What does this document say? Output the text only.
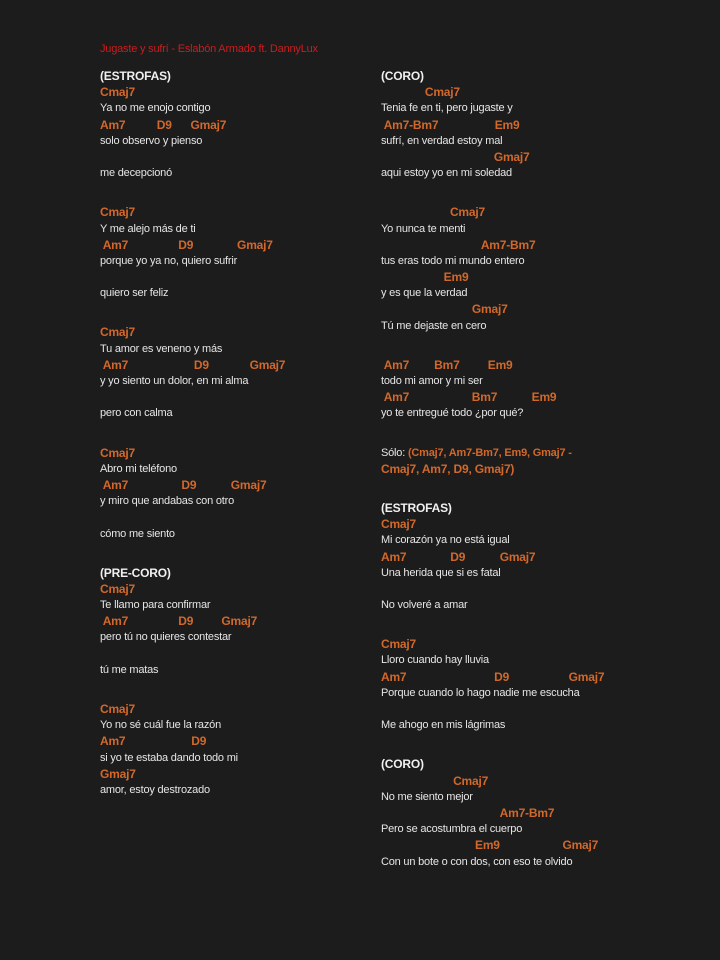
Jugaste y sufrí - Eslabón Armado ft. DannyLux
(ESTROFAS)
Cmaj7
Ya no me enojo contigo
Am7          D9      Gmaj7
solo observo y pienso
me decepcionó
Cmaj7
Y me alejo más de ti
Am7                D9              Gmaj7
porque yo ya no, quiero sufrir
quiero ser feliz
Cmaj7
Tu amor es veneno y más
Am7                     D9             Gmaj7
y yo siento un dolor, en mi alma
pero con calma
Cmaj7
Abro mi teléfono
Am7                 D9           Gmaj7
y miro que andabas con otro
cómo me siento
(PRE-CORO)
Cmaj7
Te llamo para confirmar
Am7                D9         Gmaj7
pero tú no quieres contestar
tú me matas
Cmaj7
Yo no sé cuál fue la razón
Am7                     D9
si yo te estaba dando todo mi
Gmaj7
amor, estoy destrozado
(CORO)
Cmaj7
Tenia fe en ti, pero jugaste y
Am7-Bm7                  Em9
sufrí, en verdad estoy mal
Gmaj7
aqui estoy yo en mi soledad
Cmaj7
Yo nunca te menti
Am7-Bm7
tus eras todo mi mundo entero
Em9
y es que la verdad
Gmaj7
Tú me dejaste en cero
Am7        Bm7         Em9
todo mi amor y mi ser
Am7                    Bm7           Em9
yo te entregué todo ¿por qué?
Sólo: (Cmaj7, Am7-Bm7, Em9, Gmaj7 -
Cmaj7, Am7, D9, Gmaj7)
(ESTROFAS)
Cmaj7
Mi corazón ya no está igual
Am7              D9           Gmaj7
Una herida que si es fatal
No volveré a amar
Cmaj7
Lloro cuando hay lluvia
Am7                            D9                   Gmaj7
Porque cuando lo hago nadie me escucha
Me ahogo en mis lágrimas
(CORO)
Cmaj7
No me siento mejor
Am7-Bm7
Pero se acostumbra el cuerpo
Em9                    Gmaj7
Con un bote o con dos, con eso te olvido
